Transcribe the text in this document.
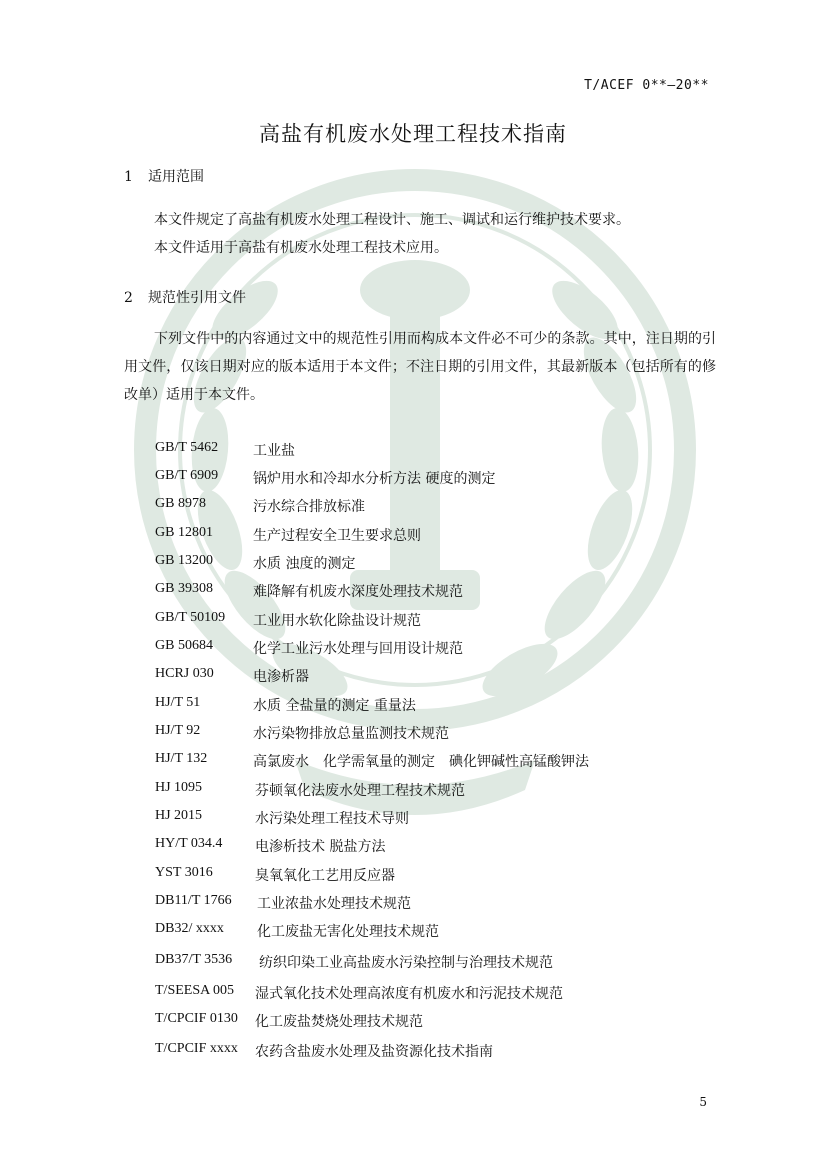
T/ACEF 0**—20**
高盐有机废水处理工程技术指南
1 适用范围

本文件规定了高盐有机废水处理工程设计、施工、调试和运行维护技术要求。

本文件适用于高盐有机废水处理工程技术应用。

2 规范性引用文件

下列文件中的内容通过文中的规范性引用而构成本文件必不可少的条款。其中，注日期的引用文件，仅该日期对应的版本适用于本文件；不注日期的引用文件，其最新版本（包括所有的修改单）适用于本文件。

GB/T 5462 工业盐
GB/T 6909 锅炉用水和冷却水分析方法 硬度的测定
GB 8978	污水综合排放标准
GB 12801	生产过程安全卫生要求总则
GB 13200	水质 浊度的测定
GB 39308	难降解有机废水深度处理技术规范
GB/T 50109 工业用水软化除盐设计规范
GB 50684	化学工业污水处理与回用设计规范
HCRJ 030	电渗析器
HJ/T 51	水质 全盐量的测定 重量法
HJ/T 92	水污染物排放总量监测技术规范
HJ/T 132	高氯废水　化学需氧量的测定　碘化钾碱性高锰酸钾法
HJ 1095	芬顿氧化法废水处理工程技术规范
HJ 2015	水污染处理工程技术导则
HY/T 034.4 电渗析技术 脱盐方法
YST 3016	臭氧氧化工艺用反应器
DB11/T 1766 工业浓盐水处理技术规范
DB32/ xxxx 化工废盐无害化处理技术规范
DB37/T 3536 纺织印染工业高盐废水污染控制与治理技术规范
T/SEESA 005 湿式氧化技术处理高浓度有机废水和污泥技术规范
T/CPCIF 0130 化工废盐焚烧处理技术规范
T/CPCIF xxxx 农药含盐废水处理及盐资源化技术指南
5
